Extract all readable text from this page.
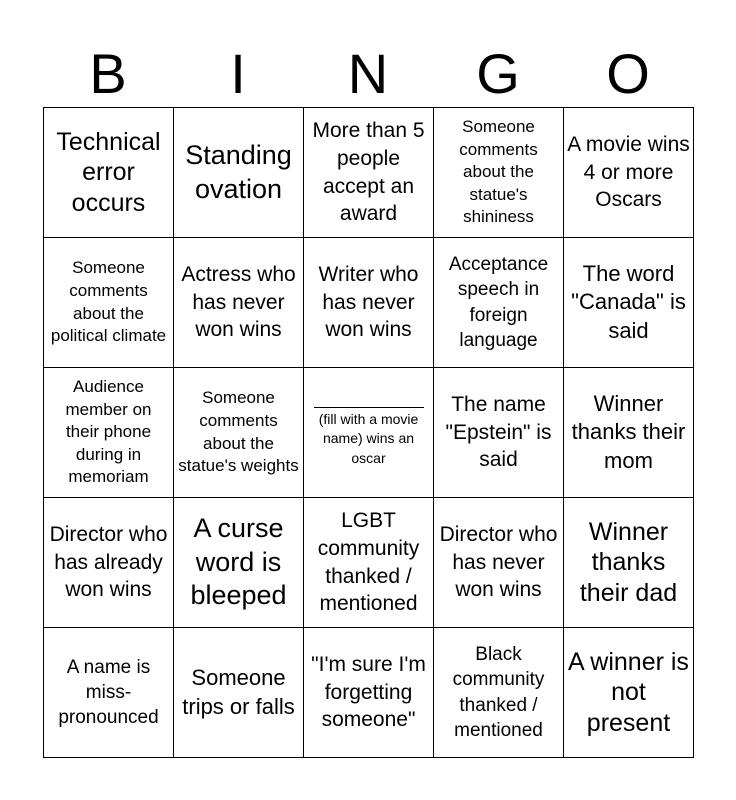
B	I	N	G	O
Technical error occurs	Standing ovation	More than 5 people accept an award	Someone comments about the statue's shininess	A movie wins 4 or more Oscars

Someone comments about the political climate	Actress who has never won wins	Writer who has never won wins	Acceptance speech in foreign language	The word "Canada" is said

Audience member on their phone during in memoriam	Someone comments about the statue's weights	(fill with a movie name) wins an oscar	The name "Epstein" is said	Winner thanks their mom

Director who has already won wins	A curse word is bleeped	LGBT community thanked / mentioned	Director who has never won wins	Winner thanks their dad

A name is miss-pronounced	Someone trips or falls	"I'm sure I'm forgetting someone"	Black community thanked / mentioned	A winner is not present
